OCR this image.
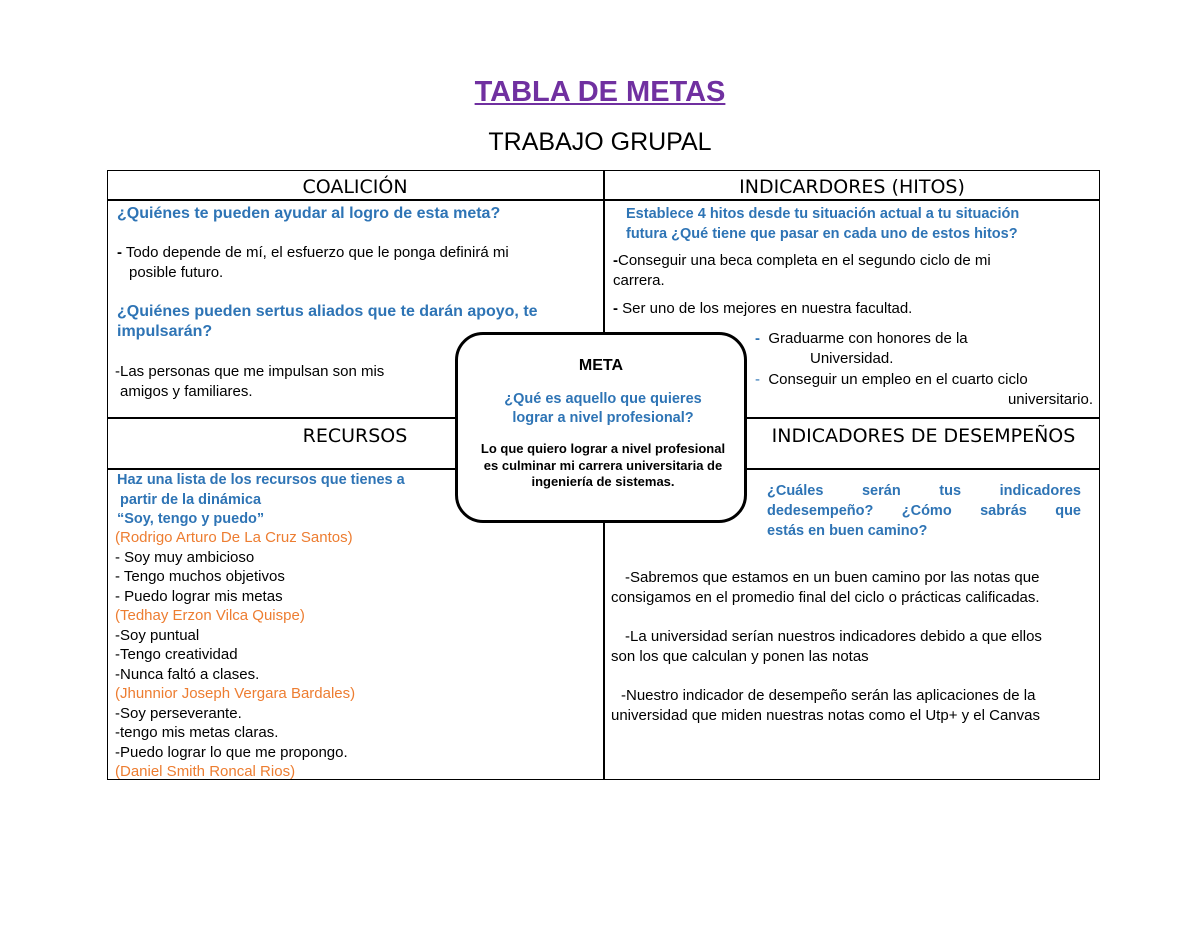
TABLA DE METAS
TRABAJO GRUPAL
COALICIÓN
¿Quiénes te pueden ayudar al logro de esta meta?
- Todo depende de mí, el esfuerzo que le ponga definirá mi
posible futuro.
¿Quiénes pueden sertus aliados que te darán apoyo, te
impulsarán?
-Las personas que me impulsan son mis
amigos y familiares.
INDICARDORES (HITOS)
Establece 4 hitos desde tu situación actual a tu situación
futura ¿Qué tiene que pasar en cada uno de estos hitos?
-Conseguir una beca completa en el segundo ciclo de mi
carrera.
- Ser uno de los mejores en nuestra facultad.
- Graduarme con honores de la
Universidad.
- Conseguir un empleo en el cuarto ciclo

universitario.
RECURSOS
Haz una lista de los recursos que tienes a
partir de la dinámica
“Soy, tengo y puedo”
(Rodrigo Arturo De La Cruz Santos)
- Soy muy ambicioso
- Tengo muchos objetivos
- Puedo lograr mis metas
(Tedhay Erzon Vilca Quispe)
-Soy puntual
-Tengo creatividad
-Nunca faltó a clases.
(Jhunnior Joseph Vergara Bardales)
-Soy perseverante.
-tengo mis metas claras.
-Puedo lograr lo que me propongo.
(Daniel Smith Roncal Rios)
INDICADORES DE DESEMPEÑOS
¿Cuáles serán tus indicadores
dedesempeño? ¿Cómo sabrás que
estás en buen camino?
-Sabremos que estamos en un buen camino por las notas que
consigamos en el promedio final del ciclo o prácticas calificadas.
-La universidad serían nuestros indicadores debido a que ellos
son los que calculan y ponen las notas
-Nuestro indicador de desempeño serán las aplicaciones de la
universidad que miden nuestras notas como el Utp+ y el Canvas
META
¿Qué es aquello que quieres
lograr a nivel profesional?
Lo que quiero lograr a nivel profesional es culminar mi carrera universitaria de ingeniería de sistemas.
